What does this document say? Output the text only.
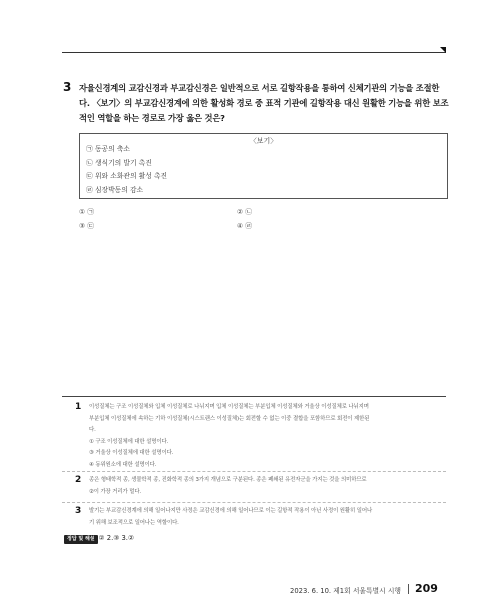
3 자율신경계의 교감신경과 부교감신경은 일반적으로 서로 길항작용을 통하여 신체기관의 기능을 조절한다. 〈보기〉의 부교감신경계에 의한 활성화 경로 중 표적 기관에 길항작용 대신 원활한 기능을 위한 보조적인 역할을 하는 경로로 가장 옳은 것은?
〈보기〉
㉠ 동공의 축소
㉡ 생식기의 발기 촉진
㉢ 위와 소화관의 활성 촉진
㉣ 심장박동의 감소
① ㉠	② ㉡
③ ㉢	④ ㉣
1 이성질체는 구조 이성질체와 입체 이성질체로 나뉘지며 입체 이성질체는 부분입체 이성질체와 거울상 이성질체로 나뉘지며
부분입체 이성질체에 속하는 기하 이성질체(시스트랜스 이성질체)는 회전할 수 없는 이중 결합을 포함하므로 회전이 제한된
다.
① 구조 이성질체에 대한 설명이다.
③ 거울상 이성질체에 대한 설명이다.
④ 동위원소에 대한 설명이다.
2 종은 형태학적 종, 생물학적 종, 진화학적 종의 3가지 개념으로 구분된다. 종은 폐쇄된 유전자군을 가지는 것을 의미하므로
②이 가장 거리가 멀다.
3 발기는 부교감신경계에 의해 일어나지만 사정은 교감신경에 의해 일어나므로 이는 길항적 작용이 아닌 사정이 원활히 일어나
기 위해 보조적으로 일어나는 역할이다.
정답 및 해설
1.② 2.③ 3.②
2023. 6. 10. 제1회 서울특별시 시행 209
